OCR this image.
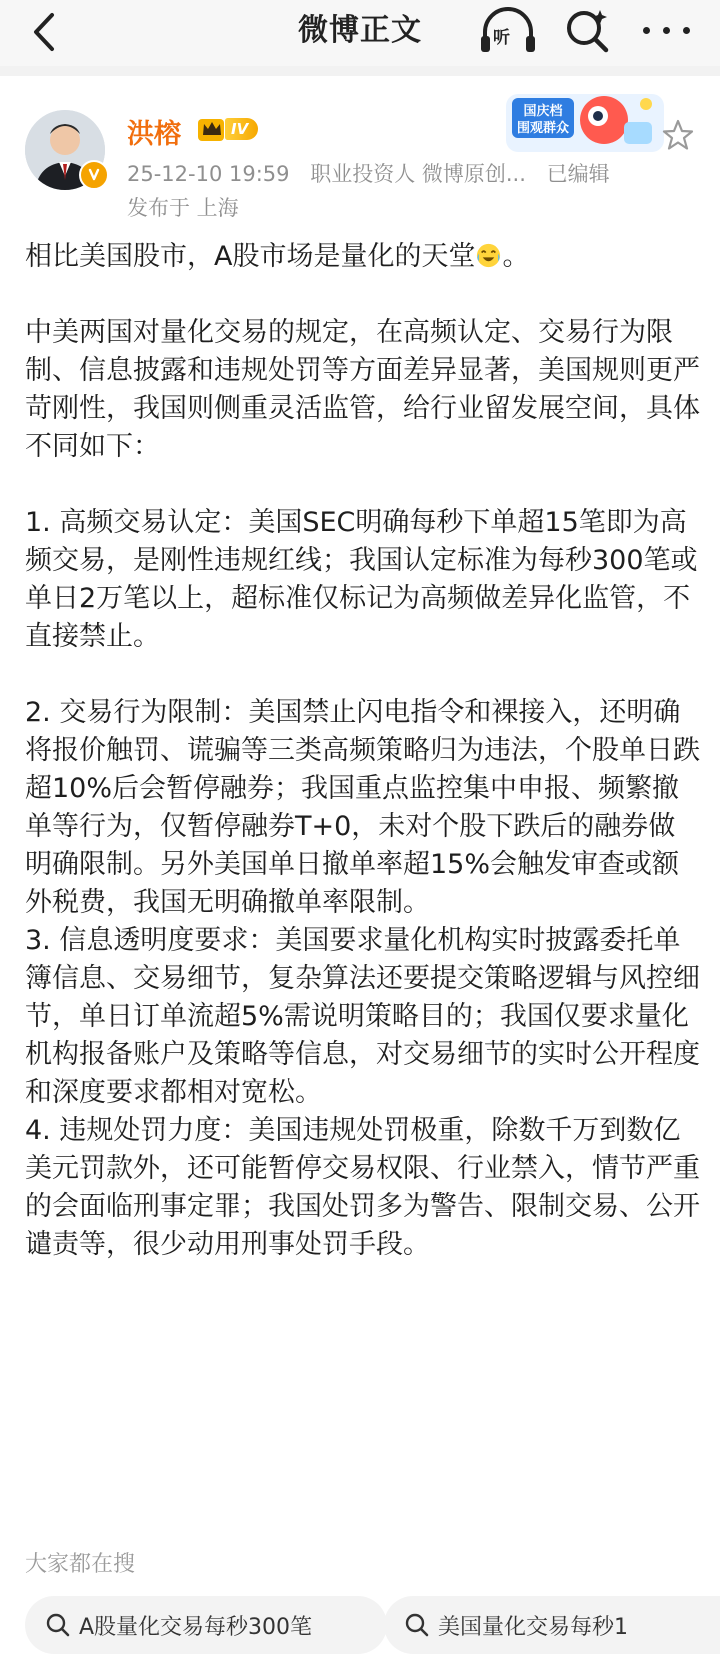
微博正文	听
洪榕	IV
25-12-10 19:59 职业投资人 微博原创... 已编辑
发布于 上海
国庆档
围观群众

相比美国股市，A股市场是量化的天堂 。

中美两国对量化交易的规定，在高频认定、交易行为限制、信息披露和违规处罚等方面差异显著，美国规则更严苛刚性，我国则侧重灵活监管，给行业留发展空间，具体不同如下：

1. 高频交易认定：美国SEC明确每秒下单超15笔即为高频交易，是刚性违规红线；我国认定标准为每秒300笔或单日2万笔以上，超标准仅标记为高频做差异化监管，不直接禁止。

2. 交易行为限制：美国禁止闪电指令和裸接入，还明确将报价触罚、谎骗等三类高频策略归为违法，个股单日跌超10%后会暂停融券；我国重点监控集中申报、频繁撤单等行为，仅暂停融券T+0，未对个股下跌后的融券做明确限制。另外美国单日撤单率超15%会触发审查或额外税费，我国无明确撤单率限制。

3. 信息透明度要求：美国要求量化机构实时披露委托单簿信息、交易细节，复杂算法还要提交策略逻辑与风控细节，单日订单流超5%需说明策略目的；我国仅要求量化机构报备账户及策略等信息，对交易细节的实时公开程度和深度要求都相对宽松。

4. 违规处罚力度：美国违规处罚极重，除数千万到数亿美元罚款外，还可能暂停交易权限、行业禁入，情节严重的会面临刑事定罪；我国处罚多为警告、限制交易、公开谴责等，很少动用刑事处罚手段。

大家都在搜
A股量化交易每秒300笔	美国量化交易每秒1
